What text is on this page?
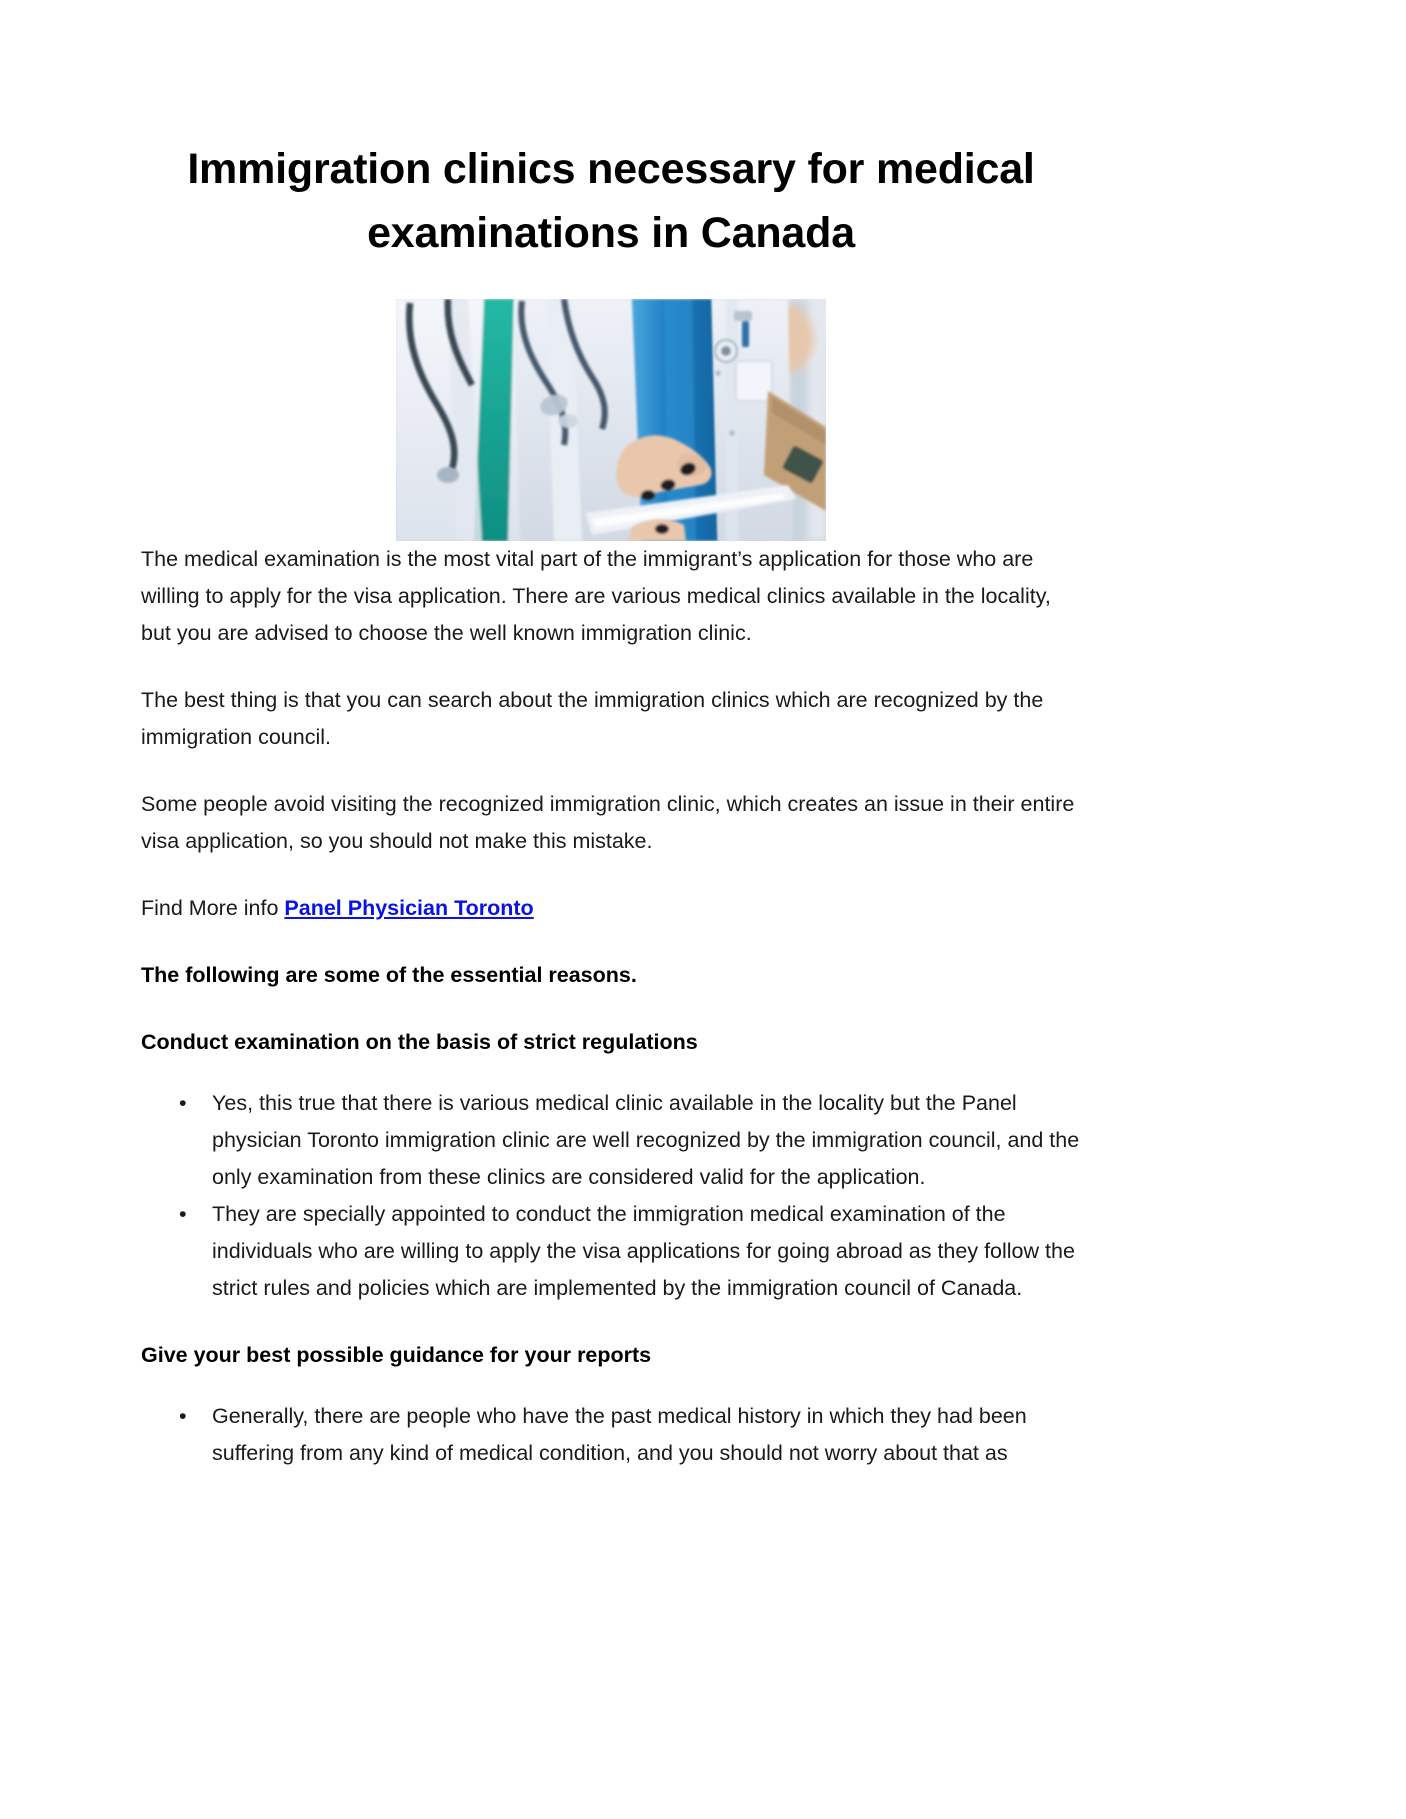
Immigration clinics necessary for medical examinations in Canada

The medical examination is the most vital part of the immigrant’s application for those who are willing to apply for the visa application. There are various medical clinics available in the locality, but you are advised to choose the well known immigration clinic.

The best thing is that you can search about the immigration clinics which are recognized by the immigration council.

Some people avoid visiting the recognized immigration clinic, which creates an issue in their entire visa application, so you should not make this mistake.

Find More info Panel Physician Toronto

The following are some of the essential reasons.

Conduct examination on the basis of strict regulations

• Yes, this true that there is various medical clinic available in the locality but the Panel physician Toronto immigration clinic are well recognized by the immigration council, and the only examination from these clinics are considered valid for the application.
• They are specially appointed to conduct the immigration medical examination of the individuals who are willing to apply the visa applications for going abroad as they follow the strict rules and policies which are implemented by the immigration council of Canada.

Give your best possible guidance for your reports

• Generally, there are people who have the past medical history in which they had been suffering from any kind of medical condition, and you should not worry about that as
